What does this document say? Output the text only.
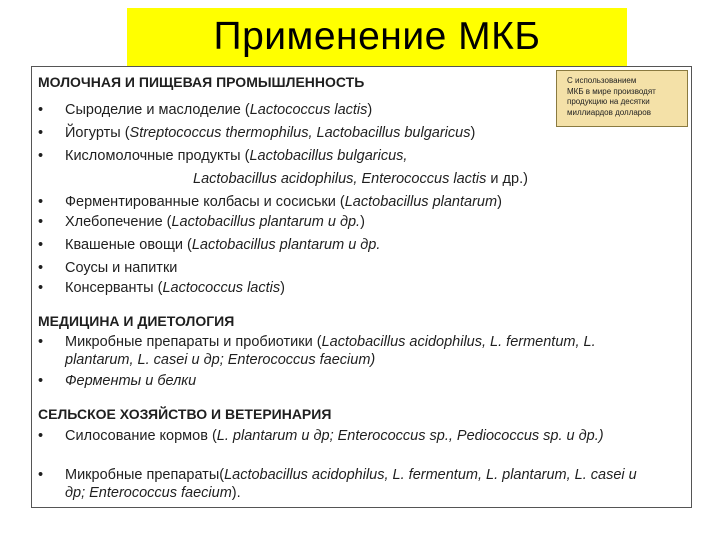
Применение МКБ
С использованием
МКБ в мире производят
продукцию на десятки
миллиардов долларов
МОЛОЧНАЯ И ПИЩЕВАЯ ПРОМЫШЛЕННОСТЬ
• Сыроделие и маслоделие (Lactococcus lactis)
• Йогурты (Streptococcus thermophilus, Lactobacillus bulgaricus)
• Кисломолочные продукты (Lactobacillus bulgaricus,
Lactobacillus acidophilus, Enterococcus lactis и др.)
• Ферментированные колбасы и сосиськи (Lactobacillus plantarum)
• Хлебопечение (Lactobacillus plantarum и др.)
• Квашеные овощи (Lactobacillus plantarum и др.
• Соусы и напитки
• Консерванты (Lactococcus lactis)
МЕДИЦИНА И ДИЕТОЛОГИЯ
• Микробные препараты и пробиотики (Lactobacillus acidophilus, L. fermentum, L. plantarum, L. casei и др; Enterococcus faecium)
• Ферменты и белки
СЕЛЬСКОЕ ХОЗЯЙСТВО И ВЕТЕРИНАРИЯ
• Силосование кормов (L. plantarum и др; Enterococcus sp., Pediococcus sp. и др.)
• Микробные препараты(Lactobacillus acidophilus, L. fermentum, L. plantarum, L. casei и др; Enterococcus faecium).
